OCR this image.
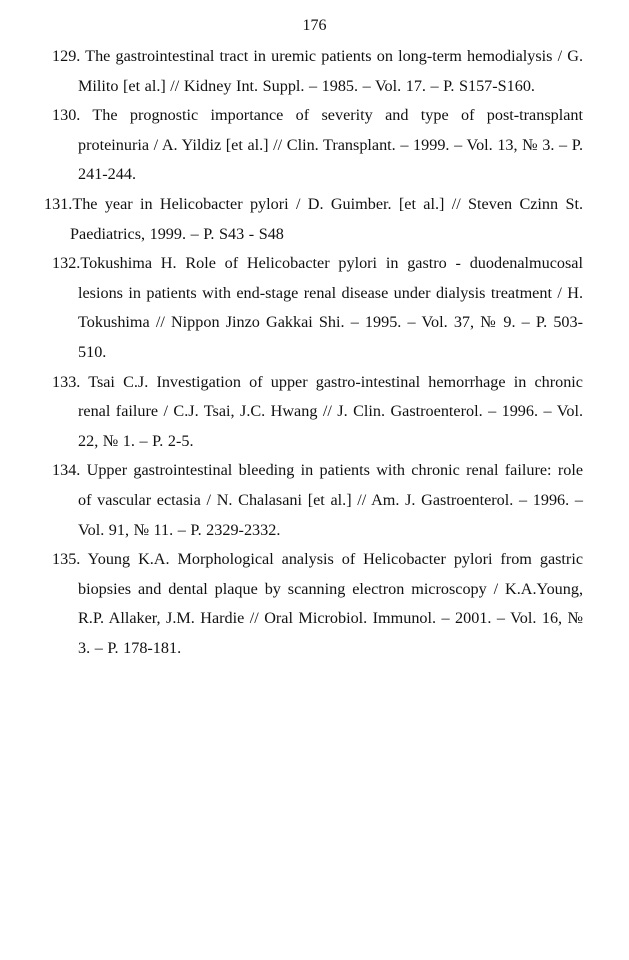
176
129. The gastrointestinal tract in uremic patients on long-term hemodialysis / G. Milito [et al.] // Kidney Int. Suppl. – 1985. – Vol. 17. – P. S157-S160.
130. The prognostic importance of severity and type of post-transplant proteinuria / A. Yildiz [et al.] // Clin. Transplant. – 1999. – Vol. 13, № 3. – P. 241-244.
131.The year in Helicobacter pylori / D. Guimber. [et al.] // Steven Czinn St. Paediatrics, 1999. – P. S43 - S48
132.Tokushima H. Role of Helicobacter pylori in gastro - duodenalmucosal lesions in patients with end-stage renal disease under dialysis treatment / H. Tokushima // Nippon Jinzo Gakkai Shi. – 1995. – Vol. 37, № 9. – P. 503-510.
133. Tsai C.J. Investigation of upper gastro-intestinal hemorrhage in chronic renal failure / C.J. Tsai, J.C. Hwang // J. Clin. Gastroenterol. – 1996. – Vol. 22, № 1. – P. 2-5.
134. Upper gastrointestinal bleeding in patients with chronic renal failure: role of vascular ectasia / N. Chalasani [et al.] // Am. J. Gastroenterol. – 1996. – Vol. 91, № 11. – P. 2329-2332.
135. Young K.A. Morphological analysis of Helicobacter pylori from gastric biopsies and dental plaque by scanning electron microscopy / K.A.Young, R.P. Allaker, J.M. Hardie // Oral Microbiol. Immunol. – 2001. – Vol. 16, № 3. – P. 178-181.
